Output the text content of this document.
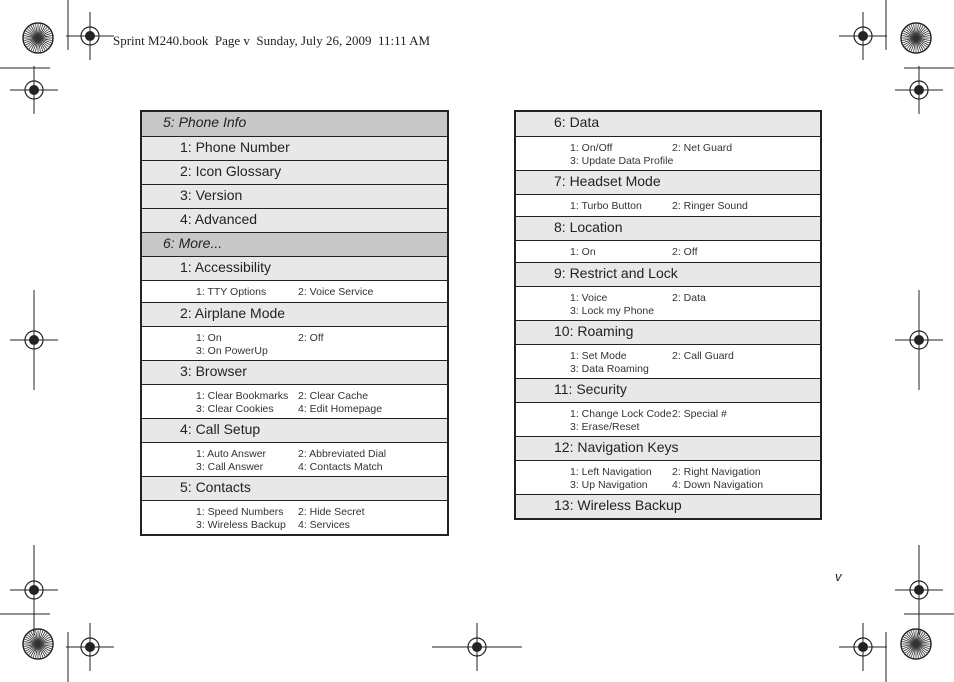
Sprint M240.book  Page v  Sunday, July 26, 2009  11:11 AM
5: Phone Info
1: Phone Number
2: Icon Glossary
3: Version
4: Advanced
6: More...
1: Accessibility
1: TTY Options	2: Voice Service
2: Airplane Mode
1: On	2: Off
3: On PowerUp
3: Browser
1: Clear Bookmarks 2: Clear Cache
3: Clear Cookies 4: Edit Homepage
4: Call Setup
1: Auto Answer	2: Abbreviated Dial
3: Call Answer	4: Contacts Match
5: Contacts
1: Speed Numbers 2: Hide Secret
3: Wireless Backup 4: Services
6: Data
1: On/Off	2: Net Guard
3: Update Data Profile
7: Headset Mode
1: Turbo Button	2: Ringer Sound
8: Location
1: On	2: Off
9: Restrict and Lock
1: Voice	2: Data
3: Lock my Phone
10: Roaming
1: Set Mode	2: Call Guard
3: Data Roaming
11: Security
1: Change Lock Code 2: Special #
3: Erase/Reset
12: Navigation Keys
1: Left Navigation 2: Right Navigation
3: Up Navigation 4: Down Navigation
13: Wireless Backup
v
